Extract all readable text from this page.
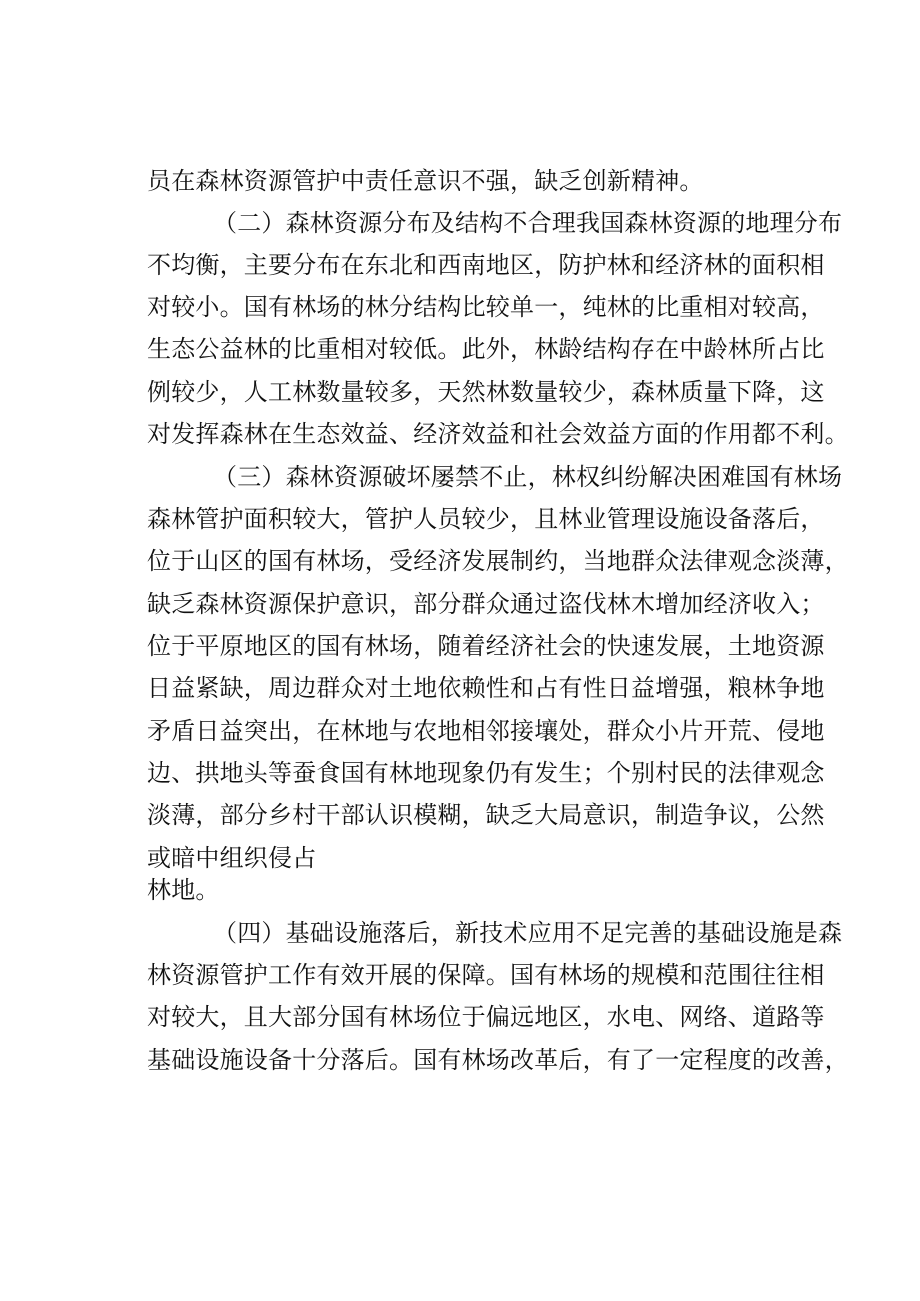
员在森林资源管护中责任意识不强，缺乏创新精神。
（二）森林资源分布及结构不合理我国森林资源的地理分布
不均衡，主要分布在东北和西南地区，防护林和经济林的面积相
对较小。国有林场的林分结构比较单一，纯林的比重相对较高，
生态公益林的比重相对较低。此外，林龄结构存在中龄林所占比
例较少，人工林数量较多，天然林数量较少，森林质量下降，这
对发挥森林在生态效益、经济效益和社会效益方面的作用都不利。
（三）森林资源破坏屡禁不止，林权纠纷解决困难国有林场
森林管护面积较大，管护人员较少，且林业管理设施设备落后，
位于山区的国有林场，受经济发展制约，当地群众法律观念淡薄，
缺乏森林资源保护意识，部分群众通过盗伐林木增加经济收入；
位于平原地区的国有林场，随着经济社会的快速发展，土地资源
日益紧缺，周边群众对土地依赖性和占有性日益增强，粮林争地
矛盾日益突出，在林地与农地相邻接壤处，群众小片开荒、侵地
边、拱地头等蚕食国有林地现象仍有发生；个别村民的法律观念
淡薄，部分乡村干部认识模糊，缺乏大局意识，制造争议，公然
或暗中组织侵占
林地。
（四）基础设施落后，新技术应用不足完善的基础设施是森
林资源管护工作有效开展的保障。国有林场的规模和范围往往相
对较大，且大部分国有林场位于偏远地区，水电、网络、道路等
基础设施设备十分落后。国有林场改革后，有了一定程度的改善，
